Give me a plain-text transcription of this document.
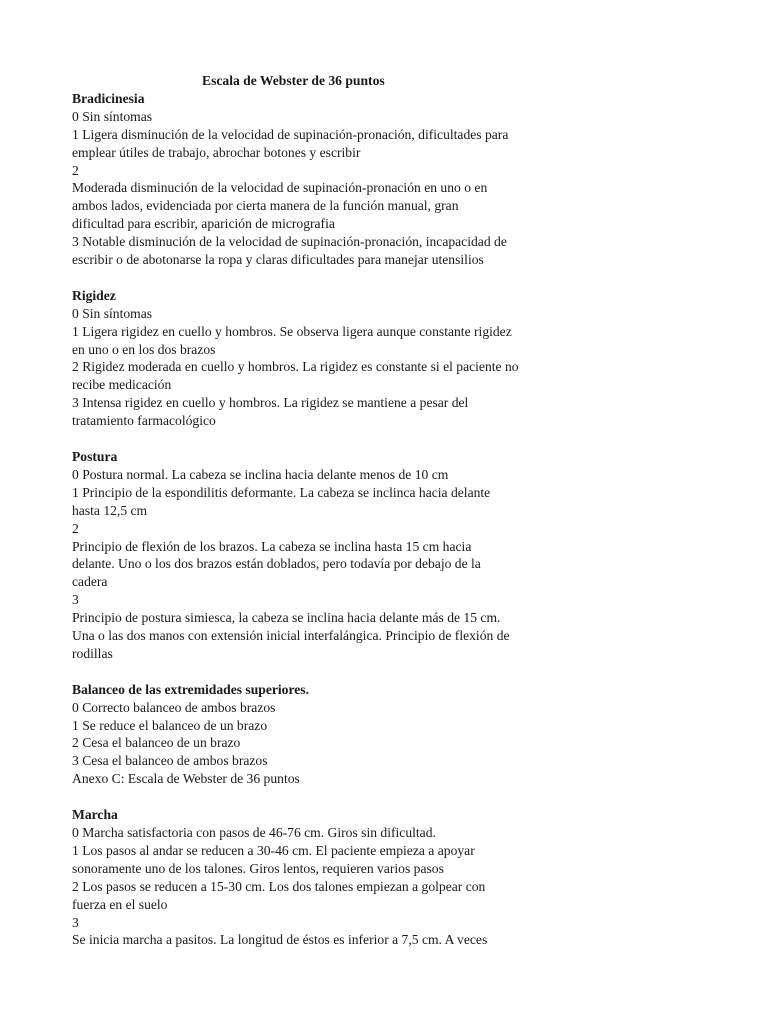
Escala de Webster de 36 puntos

Bradicinesia

0 Sin síntomas

1 Ligera disminución de la velocidad de supinación-pronación, dificultades para

emplear útiles de trabajo, abrochar botones y escribir

2

Moderada disminución de la velocidad de supinación-pronación en uno o en

ambos lados, evidenciada por cierta manera de la función manual, gran

dificultad para escribir, aparición de micrografia

3 Notable disminución de la velocidad de supinación-pronación, incapacidad de

escribir o de abotonarse la ropa y claras dificultades para manejar utensilios

Rigidez

0 Sin síntomas

1 Ligera rigidez en cuello y hombros. Se observa ligera aunque constante rigidez

en uno o en los dos brazos

2 Rigidez moderada en cuello y hombros. La rigidez es constante si el paciente no

recibe medicación

3 Intensa rigidez en cuello y hombros. La rigidez se mantiene a pesar del

tratamiento farmacológico

Postura

0 Postura normal. La cabeza se inclina hacia delante menos de 10 cm

1 Principio de la espondilitis deformante. La cabeza se inclinca hacia delante

hasta 12,5 cm

2

Principio de flexión de los brazos. La cabeza se inclina hasta 15 cm hacia

delante. Uno o los dos brazos están doblados, pero todavía por debajo de la

cadera

3

Principio de postura simiesca, la cabeza se inclina hacia delante más de 15 cm.

Una o las dos manos con extensión inicial interfalángica. Principio de flexión de

rodillas

Balanceo de las extremidades superiores.

0 Correcto balanceo de ambos brazos

1 Se reduce el balanceo de un brazo

2 Cesa el balanceo de un brazo

3 Cesa el balanceo de ambos brazos

Anexo C: Escala de Webster de 36 puntos

Marcha

0 Marcha satisfactoria con pasos de 46-76 cm. Giros sin dificultad.

1 Los pasos al andar se reducen a 30-46 cm. El paciente empieza a apoyar

sonoramente uno de los talones. Giros lentos, requieren varios pasos

2 Los pasos se reducen a 15-30 cm. Los dos talones empiezan a golpear con

fuerza en el suelo

3

Se inicia marcha a pasitos. La longitud de éstos es inferior a 7,5 cm. A veces
